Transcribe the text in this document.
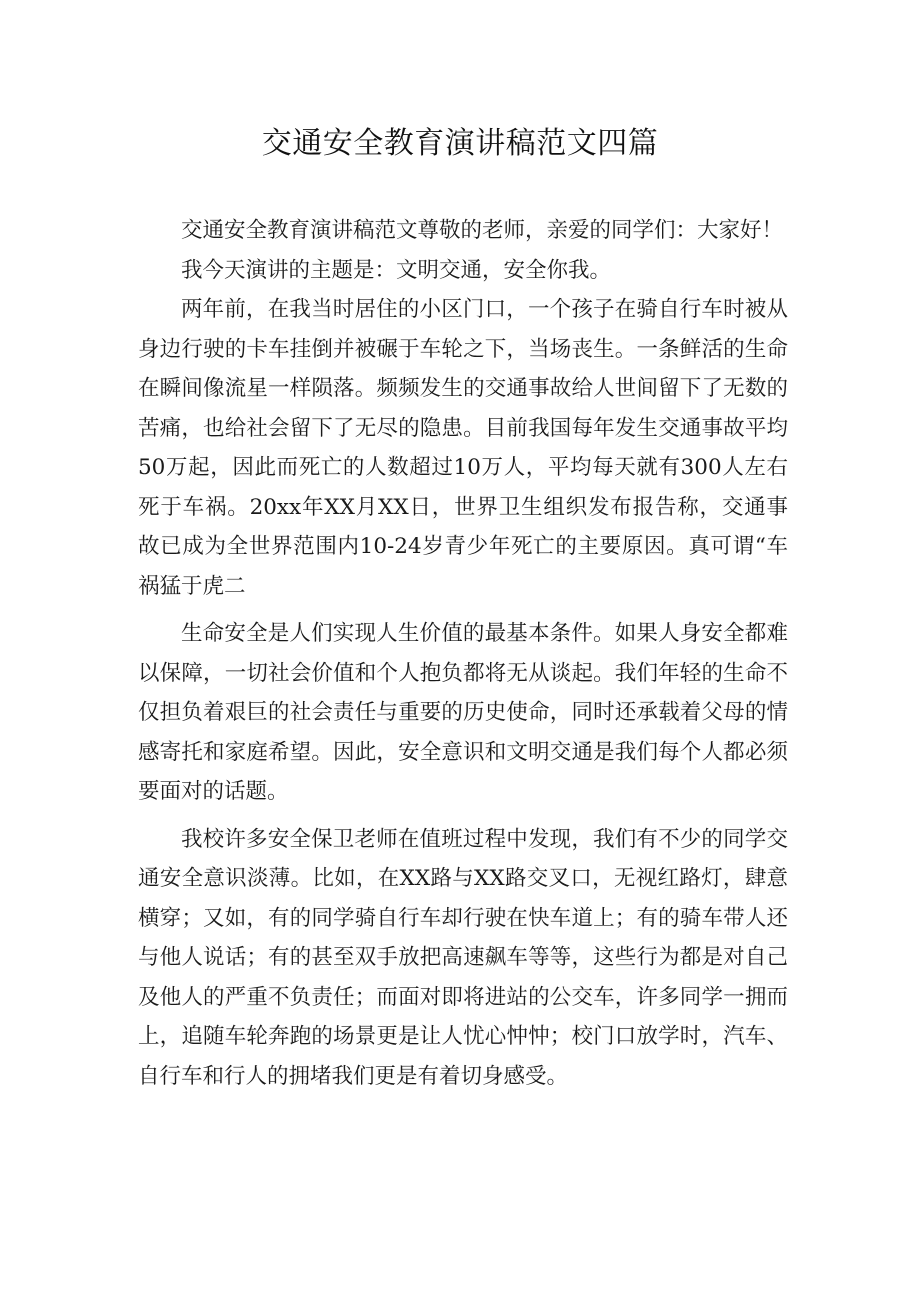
交通安全教育演讲稿范文四篇

交通安全教育演讲稿范文尊敬的老师，亲爱的同学们：大家好！

我今天演讲的主题是：文明交通，安全你我。

两年前，在我当时居住的小区门口，一个孩子在骑自行车时被从身边行驶的卡车挂倒并被碾于车轮之下，当场丧生。一条鲜活的生命在瞬间像流星一样陨落。频频发生的交通事故给人世间留下了无数的苦痛，也给社会留下了无尽的隐患。目前我国每年发生交通事故平均50万起，因此而死亡的人数超过10万人，平均每天就有300人左右死于车祸。20xx年XX月XX日，世界卫生组织发布报告称，交通事故已成为全世界范围内10-24岁青少年死亡的主要原因。真可谓“车祸猛于虎二

生命安全是人们实现人生价值的最基本条件。如果人身安全都难以保障，一切社会价值和个人抱负都将无从谈起。我们年轻的生命不仅担负着艰巨的社会责任与重要的历史使命，同时还承载着父母的情感寄托和家庭希望。因此，安全意识和文明交通是我们每个人都必须要面对的话题。

我校许多安全保卫老师在值班过程中发现，我们有不少的同学交通安全意识淡薄。比如，在XX路与XX路交叉口，无视红路灯，肆意横穿；又如，有的同学骑自行车却行驶在快车道上；有的骑车带人还与他人说话；有的甚至双手放把高速飙车等等，这些行为都是对自己及他人的严重不负责任；而面对即将进站的公交车，许多同学一拥而上，追随车轮奔跑的场景更是让人忧心忡忡；校门口放学时，汽车、自行车和行人的拥堵我们更是有着切身感受。
